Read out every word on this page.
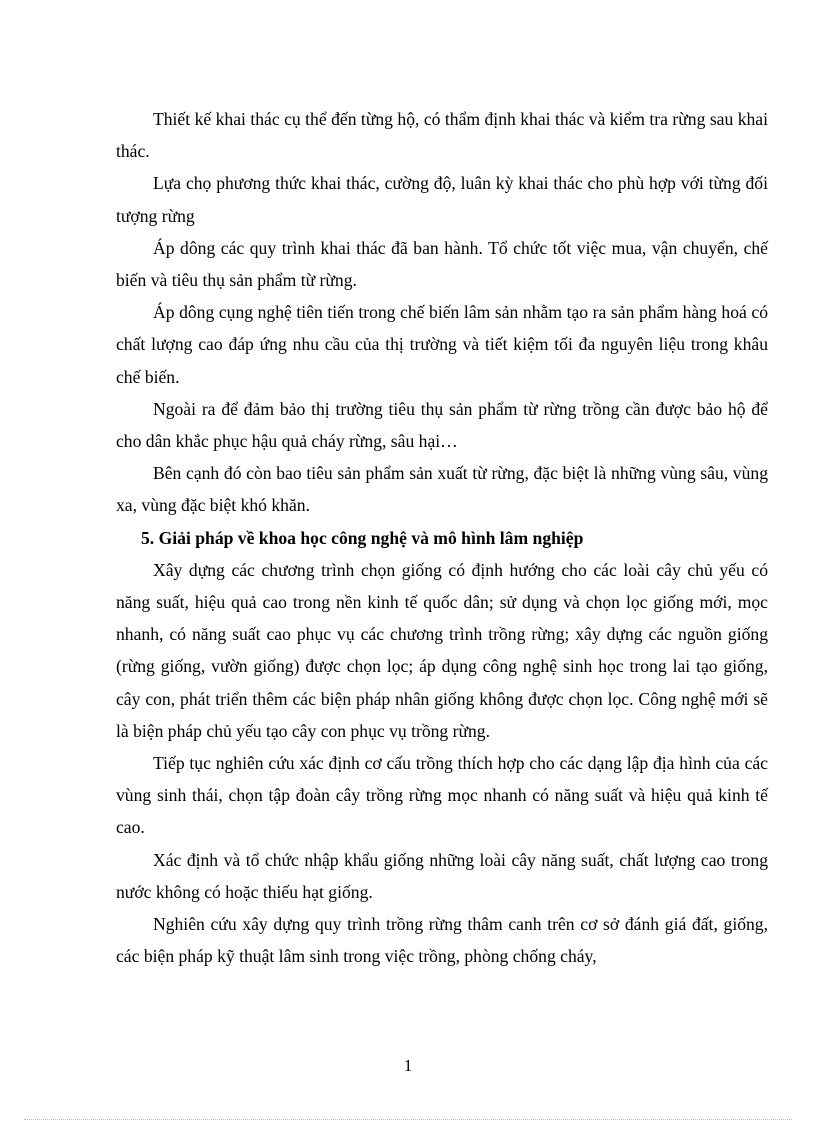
Thiết kế khai thác cụ thể đến từng hộ, có thẩm định khai thác và kiểm tra rừng sau khai thác.

Lựa chọ phương thức khai thác, cường độ, luân kỳ khai thác cho phù hợp với từng đối tượng rừng

Áp dông các quy trình khai thác đã ban hành. Tổ chức tốt việc mua, vận chuyển, chế biến và tiêu thụ sản phẩm từ rừng.

Áp dông cụng nghệ tiên tiến trong chế biến lâm sản nhằm tạo ra sản phẩm hàng hoá có chất lượng cao đáp ứng nhu cầu của thị trường và tiết kiệm tối đa nguyên liệu trong khâu chế biến.

Ngoài ra để đảm bảo thị trường tiêu thụ sản phẩm từ rừng trồng cần được bảo hộ để cho dân khắc phục hậu quả cháy rừng, sâu hại…

Bên cạnh đó còn bao tiêu sản phẩm sản xuất từ rừng, đặc biệt là những vùng sâu, vùng xa, vùng đặc biệt khó khăn.

5. Giải pháp về khoa học công nghệ và mô hình lâm nghiệp

Xây dựng các chương trình chọn giống có định hướng cho các loài cây chủ yếu có năng suất, hiệu quả cao trong nền kinh tế quốc dân; sử dụng và chọn lọc giống mới, mọc nhanh, có năng suất cao phục vụ các chương trình trồng rừng; xây dựng các nguồn giống (rừng giống, vườn giống) được chọn lọc; áp dụng công nghệ sinh học trong lai tạo giống, cây con, phát triển thêm các biện pháp nhân giống không được chọn lọc. Công nghệ mới sẽ là biện pháp chủ yếu tạo cây con phục vụ trồng rừng.

Tiếp tục nghiên cứu xác định cơ cấu trồng thích hợp cho các dạng lập địa hình của các vùng sinh thái, chọn tập đoàn cây trồng rừng mọc nhanh có năng suất và hiệu quả kinh tế cao.

Xác định và tổ chức nhập khẩu giống những loài cây năng suất, chất lượng cao trong nước không có hoặc thiếu hạt giống.

Nghiên cứu xây dựng quy trình trồng rừng thâm canh trên cơ sở đánh giá đất, giống, các biện pháp kỹ thuật lâm sinh trong việc trồng, phòng chống cháy,

1
